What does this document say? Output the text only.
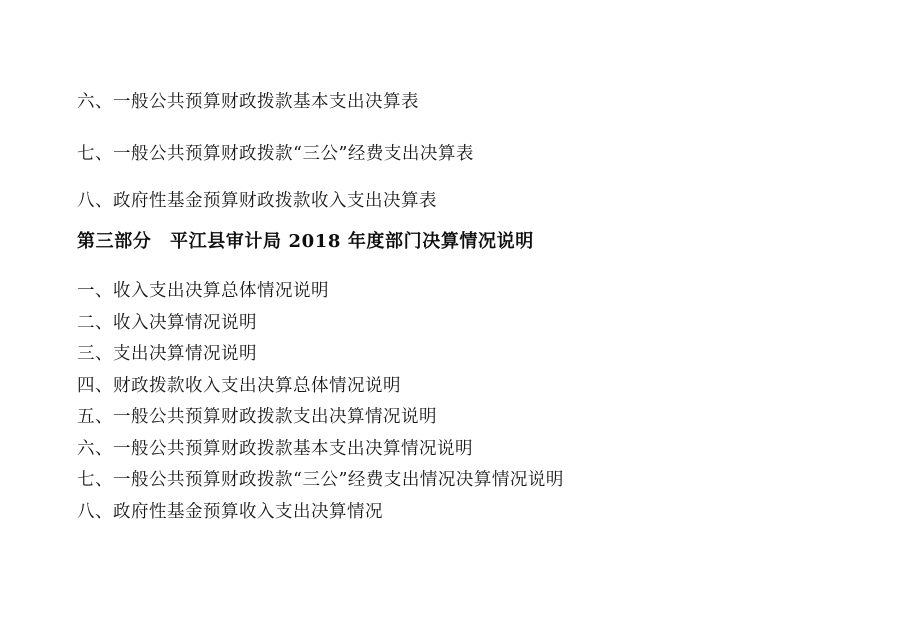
六、一般公共预算财政拨款基本支出决算表

七、一般公共预算财政拨款“三公”经费支出决算表

八、政府性基金预算财政拨款收入支出决算表

第三部分　平江县审计局 2018 年度部门决算情况说明

一、收入支出决算总体情况说明

二、收入决算情况说明

三、支出决算情况说明

四、财政拨款收入支出决算总体情况说明

五、一般公共预算财政拨款支出决算情况说明

六、一般公共预算财政拨款基本支出决算情况说明

七、一般公共预算财政拨款“三公”经费支出情况决算情况说明

八、政府性基金预算收入支出决算情况
